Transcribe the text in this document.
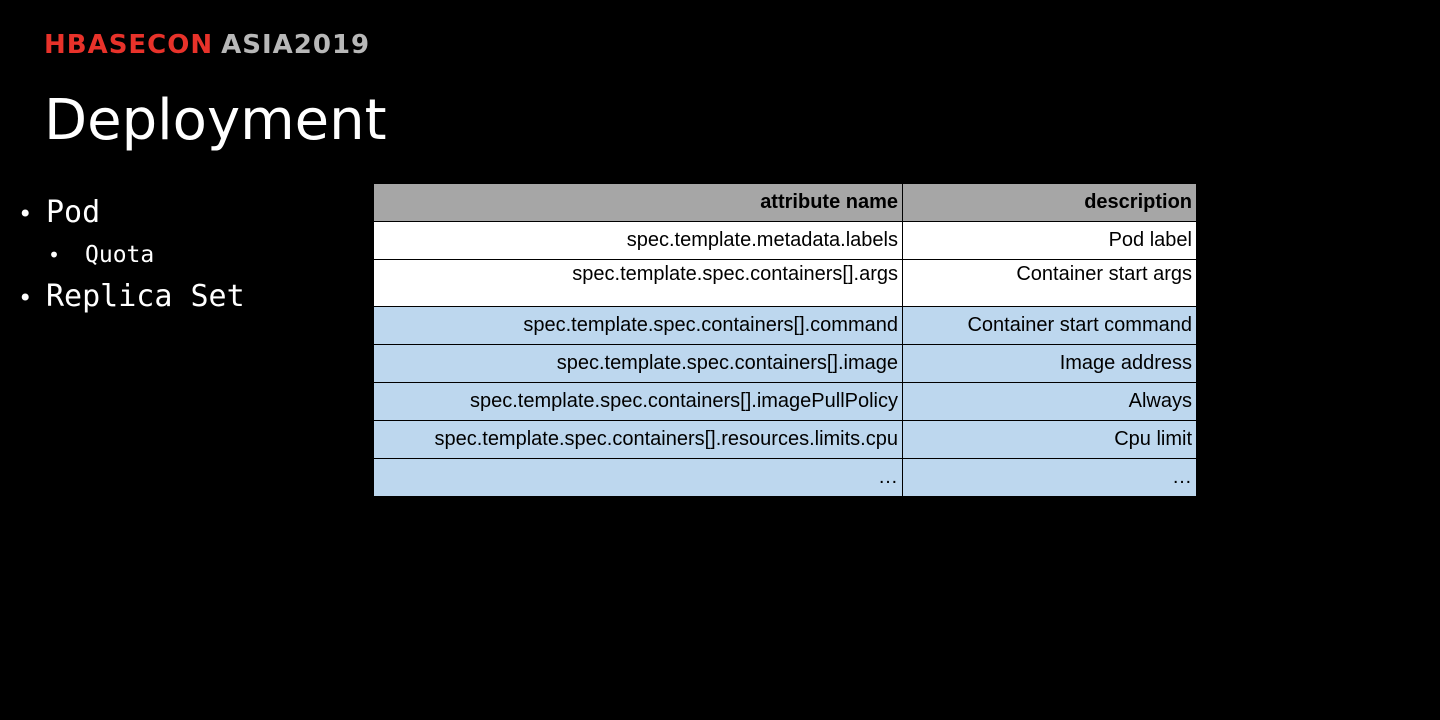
HBASECON ASIA2019
Deployment
• Pod
• Quota
• Replica Set
attribute name	description
spec.template.metadata.labels	Pod label
spec.template.spec.containers[].args	Container start args
spec.template.spec.containers[].command	Container start command
spec.template.spec.containers[].image	Image address
spec.template.spec.containers[].imagePullPolicy	Always
spec.template.spec.containers[].resources.limits.cpu	Cpu limit
…	…
